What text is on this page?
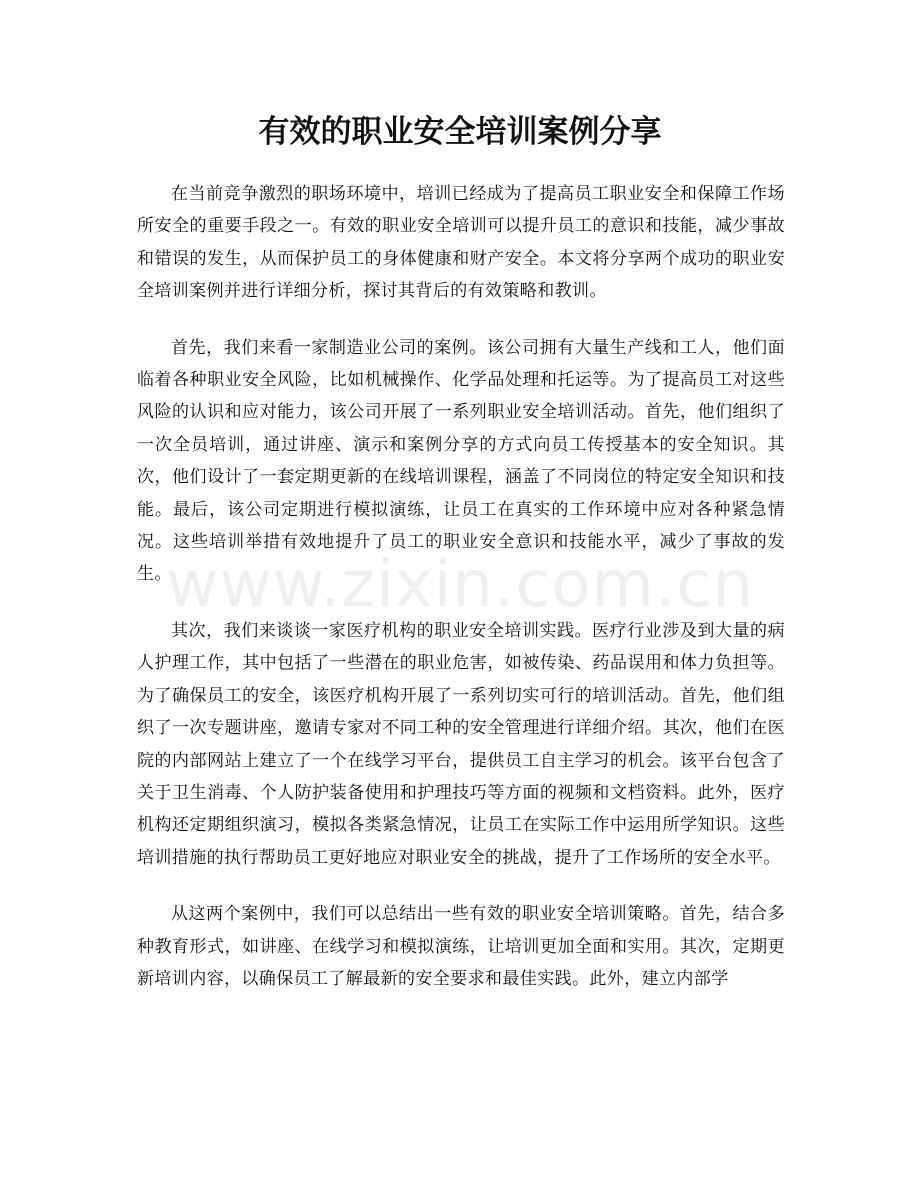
有效的职业安全培训案例分享

在当前竞争激烈的职场环境中，培训已经成为了提高员工职业安全和保障工作场所安全的重要手段之一。有效的职业安全培训可以提升员工的意识和技能，减少事故和错误的发生，从而保护员工的身体健康和财产安全。本文将分享两个成功的职业安全培训案例并进行详细分析，探讨其背后的有效策略和教训。

首先，我们来看一家制造业公司的案例。该公司拥有大量生产线和工人，他们面临着各种职业安全风险，比如机械操作、化学品处理和托运等。为了提高员工对这些风险的认识和应对能力，该公司开展了一系列职业安全培训活动。首先，他们组织了一次全员培训，通过讲座、演示和案例分享的方式向员工传授基本的安全知识。其次，他们设计了一套定期更新的在线培训课程，涵盖了不同岗位的特定安全知识和技能。最后，该公司定期进行模拟演练，让员工在真实的工作环境中应对各种紧急情况。这些培训举措有效地提升了员工的职业安全意识和技能水平，减少了事故的发生。

其次，我们来谈谈一家医疗机构的职业安全培训实践。医疗行业涉及到大量的病人护理工作，其中包括了一些潜在的职业危害，如被传染、药品误用和体力负担等。为了确保员工的安全，该医疗机构开展了一系列切实可行的培训活动。首先，他们组织了一次专题讲座，邀请专家对不同工种的安全管理进行详细介绍。其次，他们在医院的内部网站上建立了一个在线学习平台，提供员工自主学习的机会。该平台包含了关于卫生消毒、个人防护装备使用和护理技巧等方面的视频和文档资料。此外，医疗机构还定期组织演习，模拟各类紧急情况，让员工在实际工作中运用所学知识。这些培训措施的执行帮助员工更好地应对职业安全的挑战，提升了工作场所的安全水平。

从这两个案例中，我们可以总结出一些有效的职业安全培训策略。首先，结合多种教育形式，如讲座、在线学习和模拟演练，让培训更加全面和实用。其次，定期更新培训内容，以确保员工了解最新的安全要求和最佳实践。此外，建立内部学

www.zixin.com.cn
